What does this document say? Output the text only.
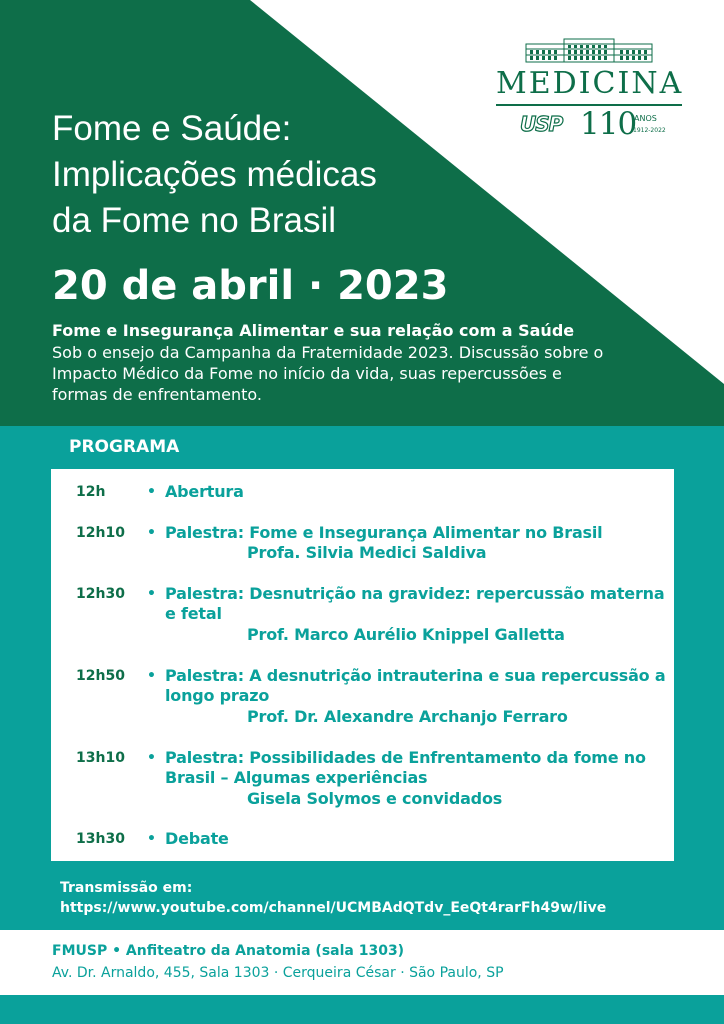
MEDICINA
USP 110
ANOS
1912-2022
Fome e Saúde:
Implicações médicas
da Fome no Brasil
20 de abril · 2023
Fome e Insegurança Alimentar e sua relação com a Saúde
Sob o ensejo da Campanha da Fraternidade 2023. Discussão sobre o Impacto Médico da Fome no início da vida, suas repercussões e formas de enfrentamento.
PROGRAMA
12h	• Abertura
12h10 • Palestra: Fome e Insegurança Alimentar no Brasil
Profa. Silvia Medici Saldiva
12h30 • Palestra: Desnutrição na gravidez: repercussão materna e fetal
Prof. Marco Aurélio Knippel Galletta
12h50 • Palestra: A desnutrição intrauterina e sua repercussão a longo prazo
Prof. Dr. Alexandre Archanjo Ferraro
13h10 • Palestra: Possibilidades de Enfrentamento da fome no Brasil – Algumas experiências
Gisela Solymos e convidados
13h30 • Debate
Transmissão em:
https://www.youtube.com/channel/UCMBAdQTdv_EeQt4rarFh49w/live
FMUSP • Anfiteatro da Anatomia (sala 1303)
Av. Dr. Arnaldo, 455, Sala 1303 · Cerqueira César · São Paulo, SP
